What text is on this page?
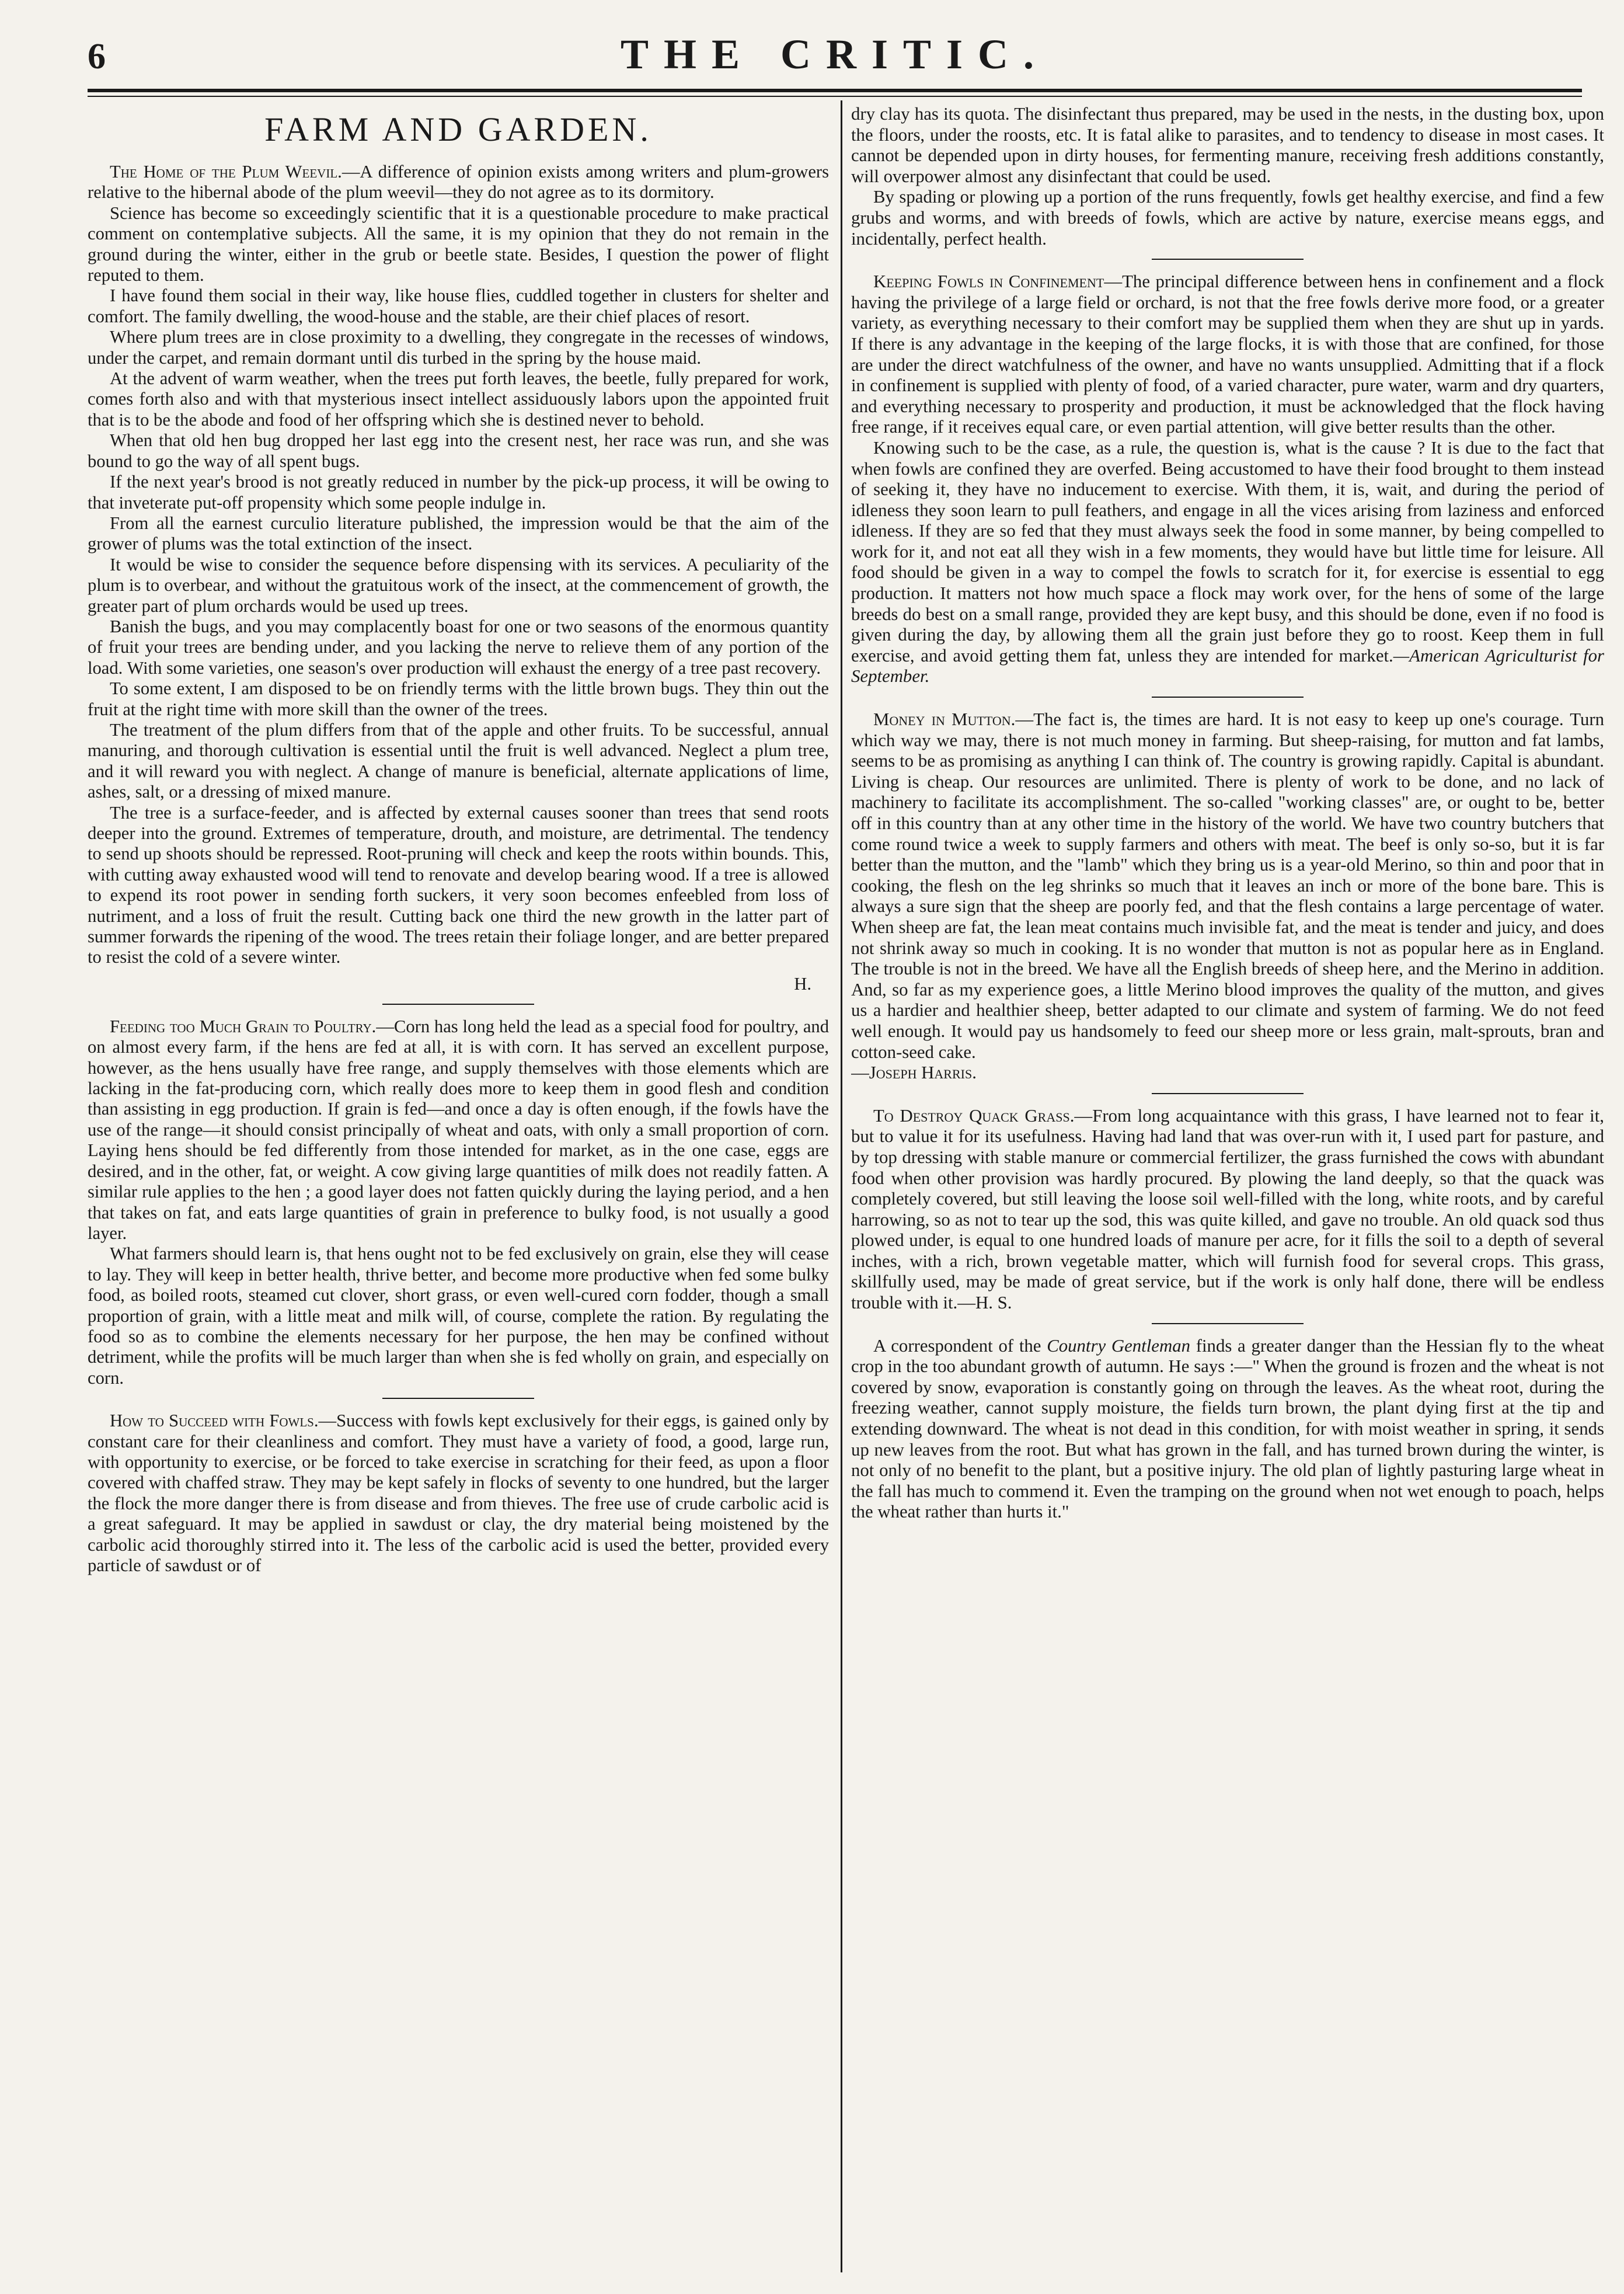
6	THE CRITIC.
FARM AND GARDEN.

The Home of the Plum Weevil.—A difference of opinion exists among writers and plum-growers relative to the hibernal abode of the plum weevil—they do not agree as to its dormitory.

Science has become so exceedingly scientific that it is a questionable procedure to make practical comment on contemplative subjects. All the same, it is my opinion that they do not remain in the ground during the winter, either in the grub or beetle state. Besides, I question the power of flight reputed to them.

I have found them social in their way, like house flies, cuddled together in clusters for shelter and comfort. The family dwelling, the wood-house and the stable, are their chief places of resort.

Where plum trees are in close proximity to a dwelling, they congregate in the recesses of windows, under the carpet, and remain dormant until dis turbed in the spring by the house maid.

At the advent of warm weather, when the trees put forth leaves, the beetle, fully prepared for work, comes forth also and with that mysterious insect intellect assiduously labors upon the appointed fruit that is to be the abode and food of her offspring which she is destined never to behold.

When that old hen bug dropped her last egg into the cresent nest, her race was run, and she was bound to go the way of all spent bugs.

If the next year's brood is not greatly reduced in number by the pick-up process, it will be owing to that inveterate put-off propensity which some people indulge in.

From all the earnest curculio literature published, the impression would be that the aim of the grower of plums was the total extinction of the insect.

It would be wise to consider the sequence before dispensing with its services. A peculiarity of the plum is to overbear, and without the gratuitous work of the insect, at the commencement of growth, the greater part of plum orchards would be used up trees.

Banish the bugs, and you may complacently boast for one or two seasons of the enormous quantity of fruit your trees are bending under, and you lacking the nerve to relieve them of any portion of the load. With some varieties, one season's over production will exhaust the energy of a tree past recovery.

To some extent, I am disposed to be on friendly terms with the little brown bugs. They thin out the fruit at the right time with more skill than the owner of the trees.

The treatment of the plum differs from that of the apple and other fruits. To be successful, annual manuring, and thorough cultivation is essential until the fruit is well advanced. Neglect a plum tree, and it will reward you with neglect. A change of manure is beneficial, alternate applications of lime, ashes, salt, or a dressing of mixed manure.

The tree is a surface-feeder, and is affected by external causes sooner than trees that send roots deeper into the ground. Extremes of temperature, drouth, and moisture, are detrimental. The tendency to send up shoots should be repressed. Root-pruning will check and keep the roots within bounds. This, with cutting away exhausted wood will tend to renovate and develop bearing wood. If a tree is allowed to expend its root power in sending forth suckers, it very soon becomes enfeebled from loss of nutriment, and a loss of fruit the result. Cutting back one third the new growth in the latter part of summer forwards the ripening of the wood. The trees retain their foliage longer, and are better prepared to resist the cold of a severe winter.

H.

Feeding too Much Grain to Poultry.—Corn has long held the lead as a special food for poultry, and on almost every farm, if the hens are fed at all, it is with corn. It has served an excellent purpose, however, as the hens usually have free range, and supply themselves with those elements which are lacking in the fat-producing corn, which really does more to keep them in good flesh and condition than assisting in egg production. If grain is fed—and once a day is often enough, if the fowls have the use of the range—it should consist principally of wheat and oats, with only a small proportion of corn. Laying hens should be fed differently from those intended for market, as in the one case, eggs are desired, and in the other, fat, or weight. A cow giving large quantities of milk does not readily fatten. A similar rule applies to the hen ; a good layer does not fatten quickly during the laying period, and a hen that takes on fat, and eats large quantities of grain in preference to bulky food, is not usually a good layer.

What farmers should learn is, that hens ought not to be fed exclusively on grain, else they will cease to lay. They will keep in better health, thrive better, and become more productive when fed some bulky food, as boiled roots, steamed cut clover, short grass, or even well-cured corn fodder, though a small proportion of grain, with a little meat and milk will, of course, complete the ration. By regulating the food so as to combine the elements necessary for her purpose, the hen may be confined without detriment, while the profits will be much larger than when she is fed wholly on grain, and especially on corn.

How to Succeed with Fowls.—Success with fowls kept exclusively for their eggs, is gained only by constant care for their cleanliness and comfort. They must have a variety of food, a good, large run, with opportunity to exercise, or be forced to take exercise in scratching for their feed, as upon a floor covered with chaffed straw. They may be kept safely in flocks of seventy to one hundred, but the larger the flock the more danger there is from disease and from thieves. The free use of crude carbolic acid is a great safeguard. It may be applied in sawdust or clay, the dry material being moistened by the carbolic acid thoroughly stirred into it. The less of the carbolic acid is used the better, provided every particle of sawdust or of

dry clay has its quota. The disinfectant thus prepared, may be used in the nests, in the dusting box, upon the floors, under the roosts, etc. It is fatal alike to parasites, and to tendency to disease in most cases. It cannot be depended upon in dirty houses, for fermenting manure, receiving fresh additions constantly, will overpower almost any disinfectant that could be used.

By spading or plowing up a portion of the runs frequently, fowls get healthy exercise, and find a few grubs and worms, and with breeds of fowls, which are active by nature, exercise means eggs, and incidentally, perfect health.

Keeping Fowls in Confinement—The principal difference between hens in confinement and a flock having the privilege of a large field or orchard, is not that the free fowls derive more food, or a greater variety, as everything necessary to their comfort may be supplied them when they are shut up in yards. If there is any advantage in the keeping of the large flocks, it is with those that are confined, for those are under the direct watchfulness of the owner, and have no wants unsupplied. Admitting that if a flock in confinement is supplied with plenty of food, of a varied character, pure water, warm and dry quarters, and everything necessary to prosperity and production, it must be acknowledged that the flock having free range, if it receives equal care, or even partial attention, will give better results than the other.

Knowing such to be the case, as a rule, the question is, what is the cause ? It is due to the fact that when fowls are confined they are overfed. Being accustomed to have their food brought to them instead of seeking it, they have no inducement to exercise. With them, it is, wait, and during the period of idleness they soon learn to pull feathers, and engage in all the vices arising from laziness and enforced idleness. If they are so fed that they must always seek the food in some manner, by being compelled to work for it, and not eat all they wish in a few moments, they would have but little time for leisure. All food should be given in a way to compel the fowls to scratch for it, for exercise is essential to egg production. It matters not how much space a flock may work over, for the hens of some of the large breeds do best on a small range, provided they are kept busy, and this should be done, even if no food is given during the day, by allowing them all the grain just before they go to roost. Keep them in full exercise, and avoid getting them fat, unless they are intended for market.—American Agriculturist for September.

Money in Mutton.—The fact is, the times are hard. It is not easy to keep up one's courage. Turn which way we may, there is not much money in farming. But sheep-raising, for mutton and fat lambs, seems to be as promising as anything I can think of. The country is growing rapidly. Capital is abundant. Living is cheap. Our resources are unlimited. There is plenty of work to be done, and no lack of machinery to facilitate its accomplishment. The so-called "working classes" are, or ought to be, better off in this country than at any other time in the history of the world. We have two country butchers that come round twice a week to supply farmers and others with meat. The beef is only so-so, but it is far better than the mutton, and the "lamb" which they bring us is a year-old Merino, so thin and poor that in cooking, the flesh on the leg shrinks so much that it leaves an inch or more of the bone bare. This is always a sure sign that the sheep are poorly fed, and that the flesh contains a large percentage of water. When sheep are fat, the lean meat contains much invisible fat, and the meat is tender and juicy, and does not shrink away so much in cooking. It is no wonder that mutton is not as popular here as in England. The trouble is not in the breed. We have all the English breeds of sheep here, and the Merino in addition. And, so far as my experience goes, a little Merino blood improves the quality of the mutton, and gives us a hardier and healthier sheep, better adapted to our climate and system of farming. We do not feed well enough. It would pay us handsomely to feed our sheep more or less grain, malt-sprouts, bran and cotton-seed cake.

—Joseph Harris.

To Destroy Quack Grass.—From long acquaintance with this grass, I have learned not to fear it, but to value it for its usefulness. Having had land that was over-run with it, I used part for pasture, and by top dressing with stable manure or commercial fertilizer, the grass furnished the cows with abundant food when other provision was hardly procured. By plowing the land deeply, so that the quack was completely covered, but still leaving the loose soil well-filled with the long, white roots, and by careful harrowing, so as not to tear up the sod, this was quite killed, and gave no trouble. An old quack sod thus plowed under, is equal to one hundred loads of manure per acre, for it fills the soil to a depth of several inches, with a rich, brown vegetable matter, which will furnish food for several crops. This grass, skillfully used, may be made of great service, but if the work is only half done, there will be endless trouble with it.—H. S.

A correspondent of the Country Gentleman finds a greater danger than the Hessian fly to the wheat crop in the too abundant growth of autumn. He says :—" When the ground is frozen and the wheat is not covered by snow, evaporation is constantly going on through the leaves. As the wheat root, during the freezing weather, cannot supply moisture, the fields turn brown, the plant dying first at the tip and extending downward. The wheat is not dead in this condition, for with moist weather in spring, it sends up new leaves from the root. But what has grown in the fall, and has turned brown during the winter, is not only of no benefit to the plant, but a positive injury. The old plan of lightly pasturing large wheat in the fall has much to commend it. Even the tramping on the ground when not wet enough to poach, helps the wheat rather than hurts it."
